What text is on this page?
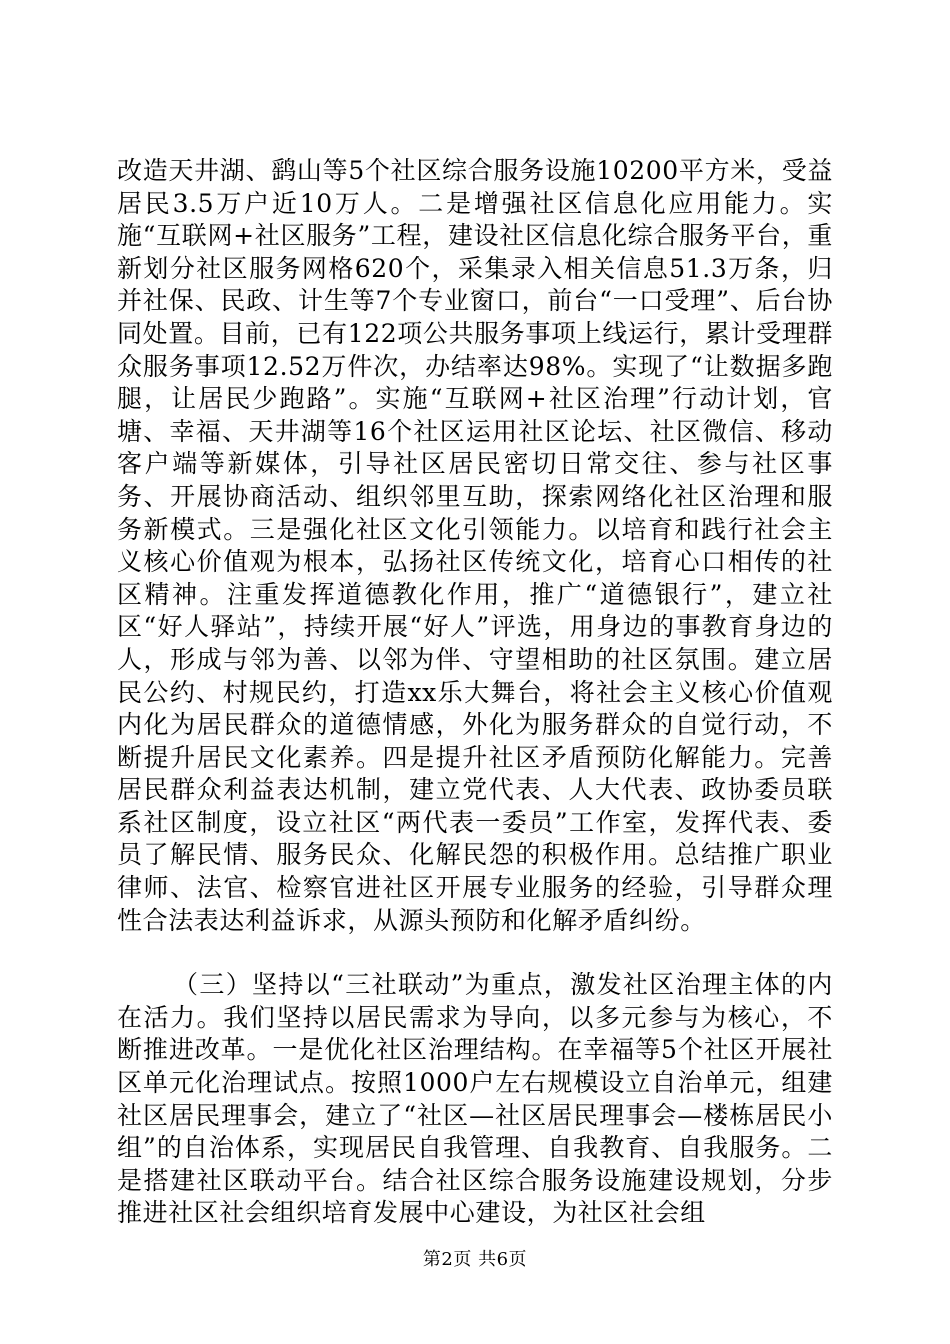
改造天井湖、鹞山等5个社区综合服务设施10200平方米，受益居民3.5万户近10万人。二是增强社区信息化应用能力。实施“互联网+社区服务”工程，建设社区信息化综合服务平台，重新划分社区服务网格620个，采集录入相关信息51.3万条，归并社保、民政、计生等7个专业窗口，前台“一口受理”、后台协同处置。目前，已有122项公共服务事项上线运行，累计受理群众服务事项12.52万件次，办结率达98%。实现了“让数据多跑腿，让居民少跑路”。实施“互联网+社区治理”行动计划，官塘、幸福、天井湖等16个社区运用社区论坛、社区微信、移动客户端等新媒体，引导社区居民密切日常交往、参与社区事务、开展协商活动、组织邻里互助，探索网络化社区治理和服务新模式。三是强化社区文化引领能力。以培育和践行社会主义核心价值观为根本，弘扬社区传统文化，培育心口相传的社区精神。注重发挥道德教化作用，推广“道德银行”，建立社区“好人驿站”，持续开展“好人”评选，用身边的事教育身边的人，形成与邻为善、以邻为伴、守望相助的社区氛围。建立居民公约、村规民约，打造xx乐大舞台，将社会主义核心价值观内化为居民群众的道德情感，外化为服务群众的自觉行动，不断提升居民文化素养。四是提升社区矛盾预防化解能力。完善居民群众利益表达机制，建立党代表、人大代表、政协委员联系社区制度，设立社区“两代表一委员”工作室，发挥代表、委员了解民情、服务民众、化解民怨的积极作用。总结推广职业律师、法官、检察官进社区开展专业服务的经验，引导群众理性合法表达利益诉求，从源头预防和化解矛盾纠纷。

（三）坚持以“三社联动”为重点，激发社区治理主体的内在活力。我们坚持以居民需求为导向，以多元参与为核心，不断推进改革。一是优化社区治理结构。在幸福等5个社区开展社区单元化治理试点。按照1000户左右规模设立自治单元，组建社区居民理事会，建立了“社区—社区居民理事会—楼栋居民小组”的自治体系，实现居民自我管理、自我教育、自我服务。二是搭建社区联动平台。结合社区综合服务设施建设规划，分步推进社区社会组织培育发展中心建设，为社区社会组

第2页 共6页
